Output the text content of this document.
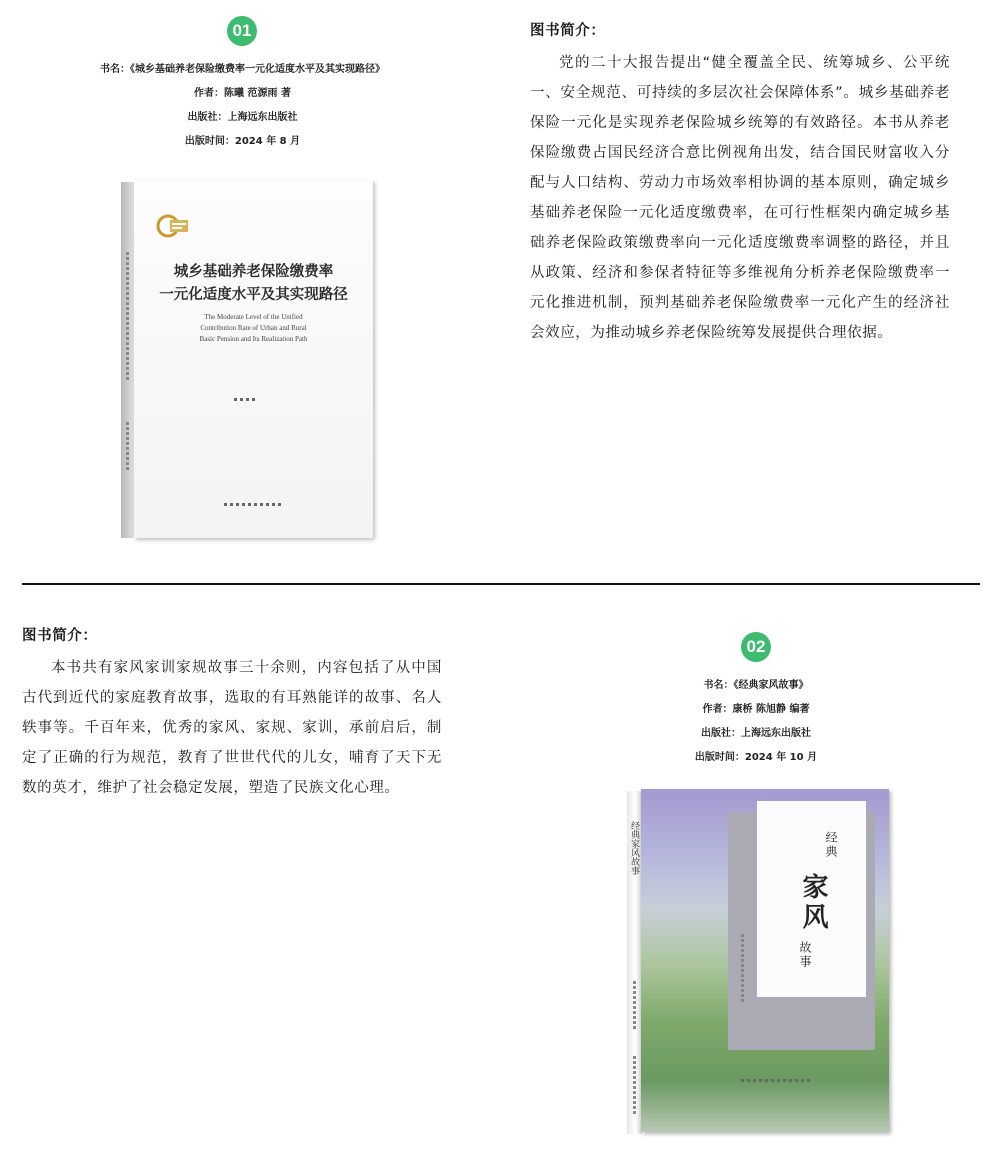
01
书名：《城乡基础养老保险缴费率一元化适度水平及其实现路径》
作者：陈曦 范源雨 著
出版社：上海远东出版社
出版时间：2024 年 8 月
城乡基础养老保险缴费率
一元化适度水平及其实现路径
The Moderate Level of the Unified
Contribution Rate of Urban and Rural
Basic Pension and Its Realization Path
图书简介：
党的二十大报告提出“健全覆盖全民、统筹城乡、公平统一、安全规范、可持续的多层次社会保障体系”。城乡基础养老保险一元化是实现养老保险城乡统筹的有效路径。本书从养老保险缴费占国民经济合意比例视角出发，结合国民财富收入分配与人口结构、劳动力市场效率相协调的基本原则，确定城乡基础养老保险一元化适度缴费率，在可行性框架内确定城乡基础养老保险政策缴费率向一元化适度缴费率调整的路径，并且从政策、经济和参保者特征等多维视角分析养老保险缴费率一元化推进机制，预判基础养老保险缴费率一元化产生的经济社会效应，为推动城乡养老保险统筹发展提供合理依据。
图书简介：
本书共有家风家训家规故事三十余则，内容包括了从中国古代到近代的家庭教育故事，选取的有耳熟能详的故事、名人轶事等。千百年来，优秀的家风、家规、家训，承前启后，制定了正确的行为规范，教育了世世代代的儿女，哺育了天下无数的英才，维护了社会稳定发展，塑造了民族文化心理。
02
书名：《经典家风故事》
作者：康桥 陈旭静 编著
出版社：上海远东出版社
出版时间：2024 年 10 月
经典家风故事	经典
家风
故事
